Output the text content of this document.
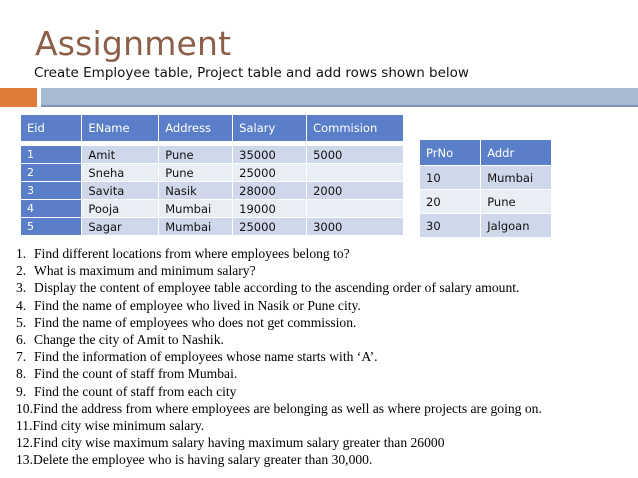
Assignment
Create Employee table, Project table and add rows shown below
Eid	EName	Address	Salary	Commision

1	Amit	Pune	35000	5000
2	Sneha	Pune	25000	
3	Savita	Nasik	28000	2000
4	Pooja	Mumbai	19000	
5	Sagar	Mumbai	25000	3000
PrNo	Addr
10	Mumbai
20	Pune
30	Jalgoan
1. Find different locations from where employees belong to?
2. What is maximum and minimum salary?
3. Display the content of employee table according to the ascending order of salary amount.
4. Find the name of employee who lived in Nasik or Pune city.
5. Find the name of employees who does not get commission.
6. Change the city of Amit to Nashik.
7. Find the information of employees whose name starts with ‘A’.
8. Find the count of staff from Mumbai.
9. Find the count of staff from each city
10.Find the address from where employees are belonging as well as where projects are going on.
11.Find city wise minimum salary.
12.Find city wise maximum salary having maximum salary greater than 26000
13.Delete the employee who is having salary greater than 30,000.
